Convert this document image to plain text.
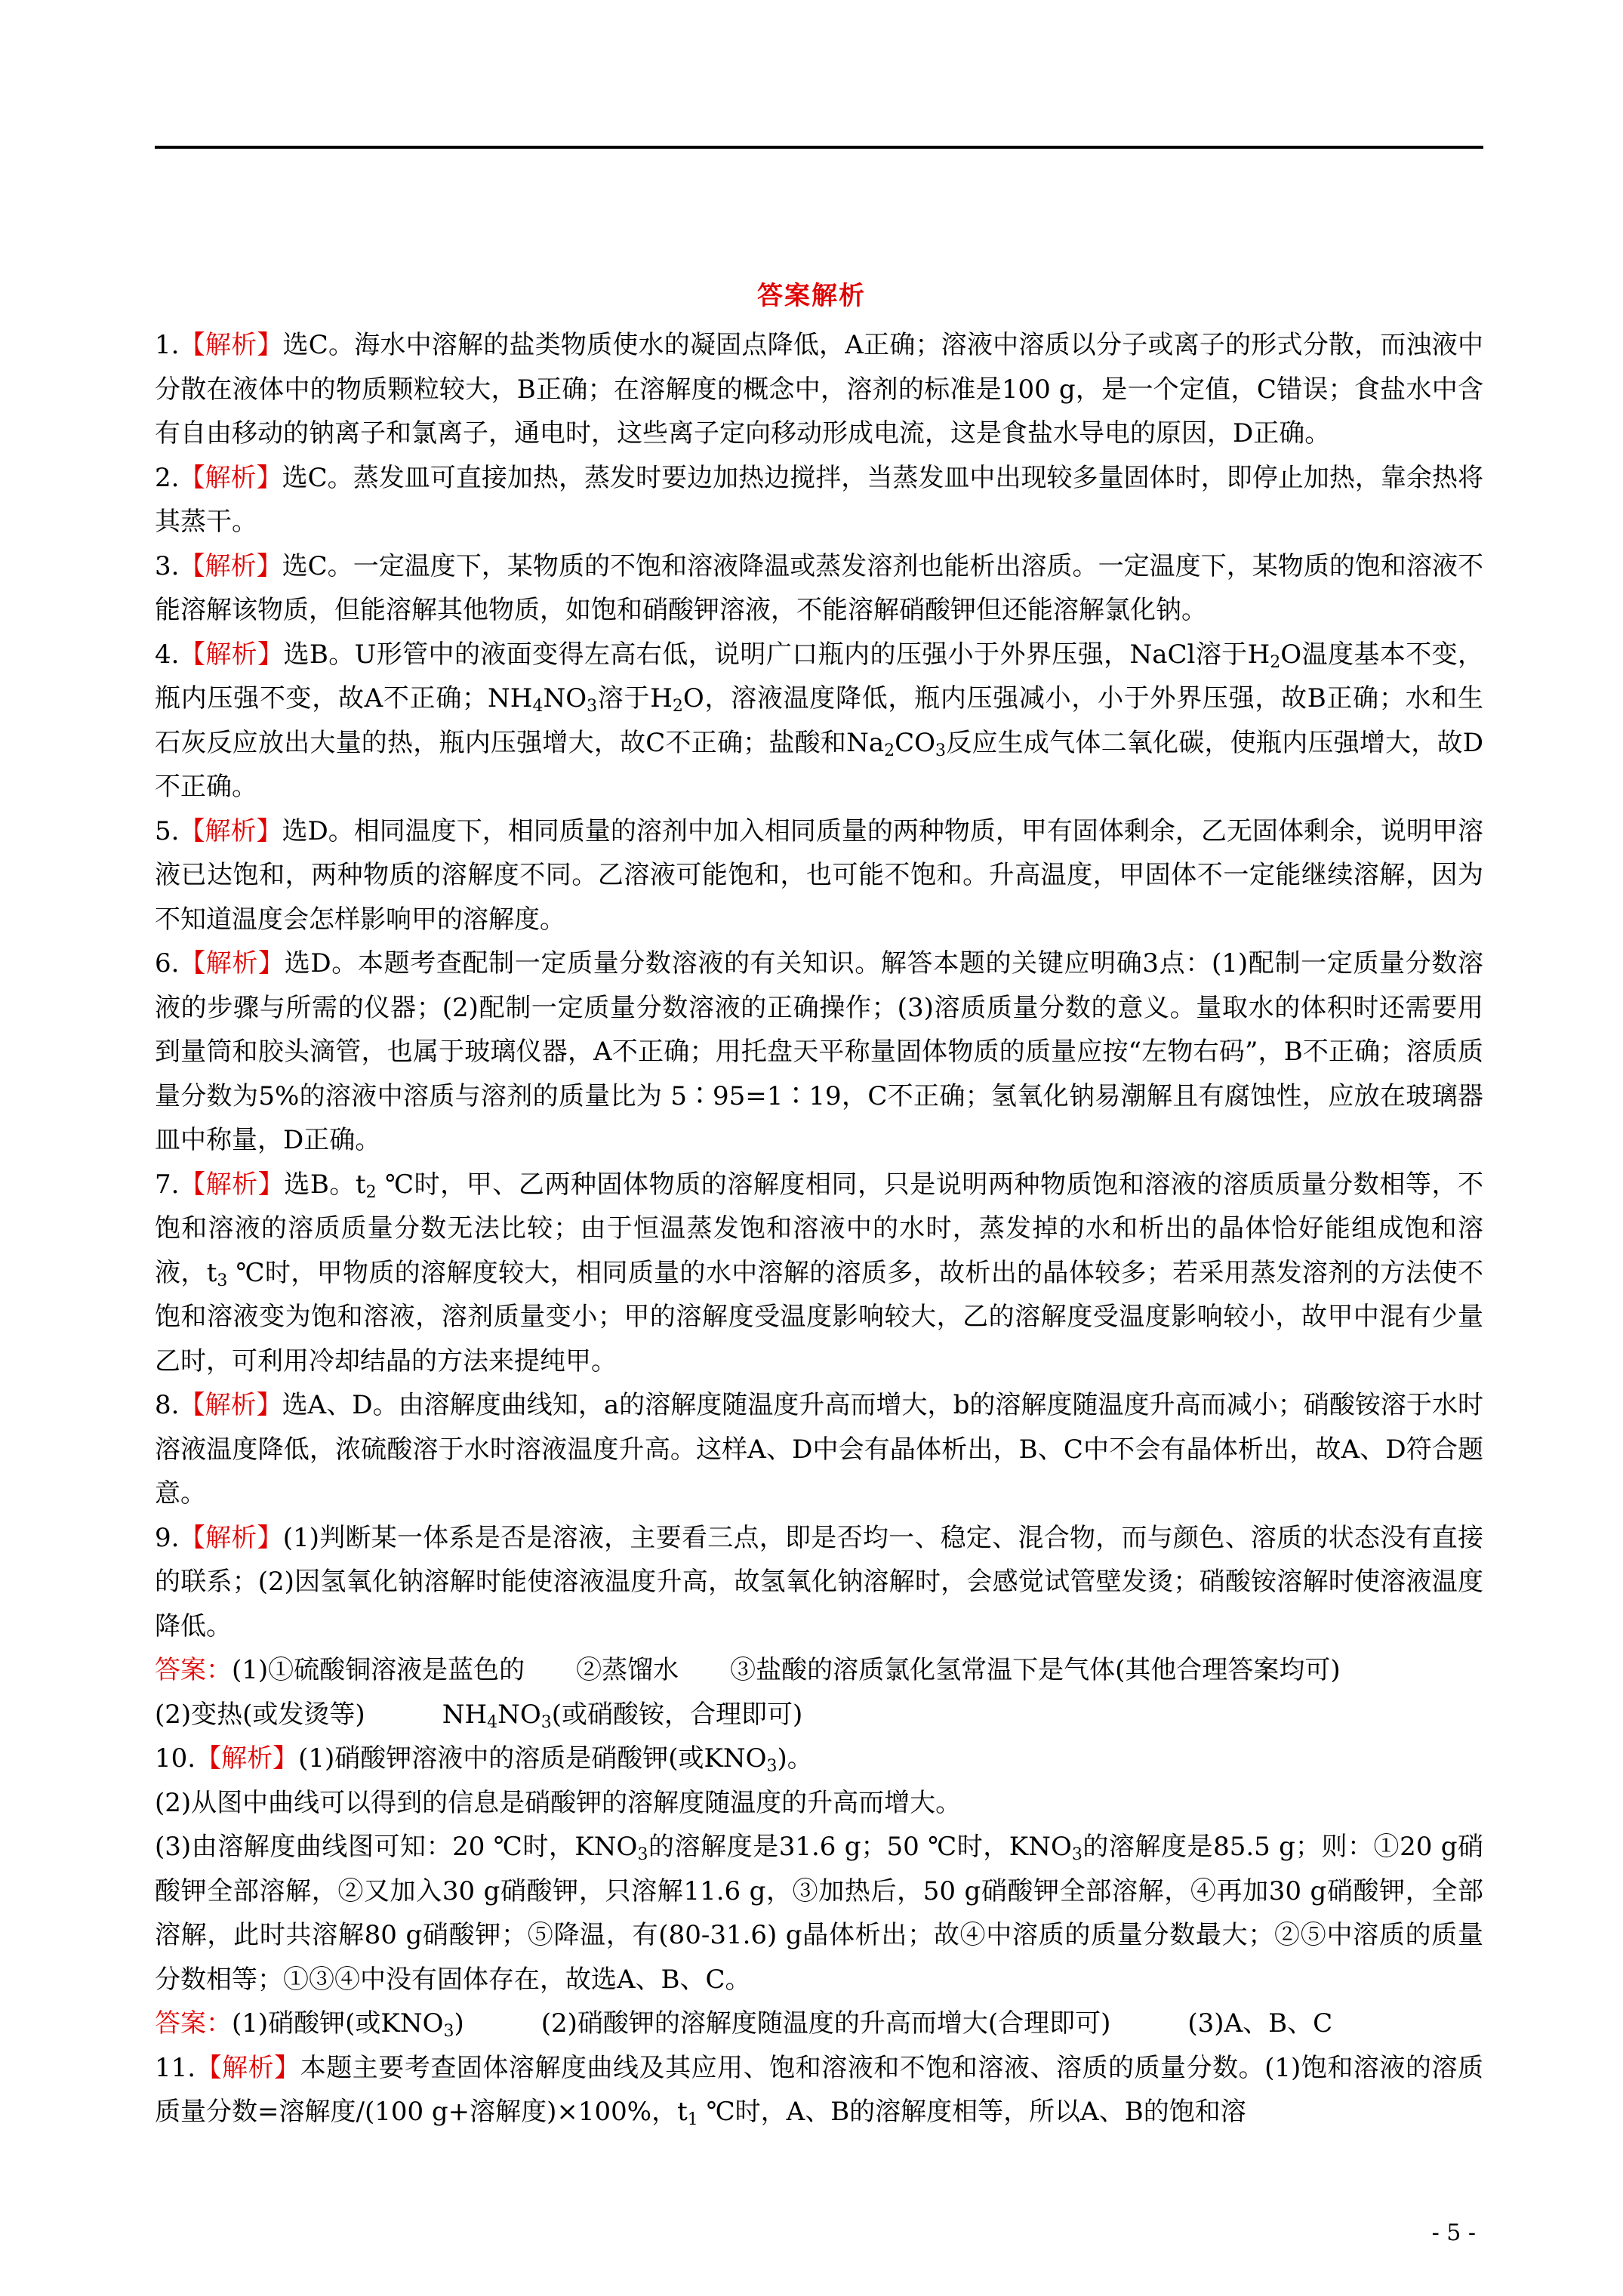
答案解析

1.【解析】选C。海水中溶解的盐类物质使水的凝固点降低，A正确；溶液中溶质以分子或离子的形式分散，而浊液中分散在液体中的物质颗粒较大，B正确；在溶解度的概念中，溶剂的标准是100 g，是一个定值，C错误；食盐水中含有自由移动的钠离子和氯离子，通电时，这些离子定向移动形成电流，这是食盐水导电的原因，D正确。

2.【解析】选C。蒸发皿可直接加热，蒸发时要边加热边搅拌，当蒸发皿中出现较多量固体时，即停止加热，靠余热将其蒸干。

3.【解析】选C。一定温度下，某物质的不饱和溶液降温或蒸发溶剂也能析出溶质。一定温度下，某物质的饱和溶液不能溶解该物质，但能溶解其他物质，如饱和硝酸钾溶液，不能溶解硝酸钾但还能溶解氯化钠。

4.【解析】选B。U形管中的液面变得左高右低，说明广口瓶内的压强小于外界压强，NaCl溶于$H_2O$温度基本不变，瓶内压强不变，故A不正确；$NH_4NO_3$溶于$H_2O$，溶液温度降低，瓶内压强减小，小于外界压强，故B正确；水和生石灰反应放出大量的热，瓶内压强增大，故C不正确；盐酸和$Na_2CO_3$反应生成气体二氧化碳，使瓶内压强增大，故D不正确。

5.【解析】选D。相同温度下，相同质量的溶剂中加入相同质量的两种物质，甲有固体剩余，乙无固体剩余，说明甲溶液已达饱和，两种物质的溶解度不同。乙溶液可能饱和，也可能不饱和。升高温度，甲固体不一定能继续溶解，因为不知道温度会怎样影响甲的溶解度。

6.【解析】选D。本题考查配制一定质量分数溶液的有关知识。解答本题的关键应明确3点：(1)配制一定质量分数溶液的步骤与所需的仪器；(2)配制一定质量分数溶液的正确操作；(3)溶质质量分数的意义。量取水的体积时还需要用到量筒和胶头滴管，也属于玻璃仪器，A不正确；用托盘天平称量固体物质的质量应按“左物右码”，B不正确；溶质质量分数为5%的溶液中溶质与溶剂的质量比为 5∶95=1∶19，C不正确；氢氧化钠易潮解且有腐蚀性，应放在玻璃器皿中称量，D正确。

7.【解析】选B。$t_2$ ℃时，甲、乙两种固体物质的溶解度相同，只是说明两种物质饱和溶液的溶质质量分数相等，不饱和溶液的溶质质量分数无法比较；由于恒温蒸发饱和溶液中的水时，蒸发掉的水和析出的晶体恰好能组成饱和溶液，$t_3$ ℃时，甲物质的溶解度较大，相同质量的水中溶解的溶质多，故析出的晶体较多；若采用蒸发溶剂的方法使不饱和溶液变为饱和溶液，溶剂质量变小；甲的溶解度受温度影响较大，乙的溶解度受温度影响较小，故甲中混有少量乙时，可利用冷却结晶的方法来提纯甲。

8.【解析】选A、D。由溶解度曲线知，a的溶解度随温度升高而增大，b的溶解度随温度升高而减小；硝酸铵溶于水时溶液温度降低，浓硫酸溶于水时溶液温度升高。这样A、D中会有晶体析出，B、C中不会有晶体析出，故A、D符合题意。

9.【解析】(1)判断某一体系是否是溶液，主要看三点，即是否均一、稳定、混合物，而与颜色、溶质的状态没有直接的联系；(2)因氢氧化钠溶解时能使溶液温度升高，故氢氧化钠溶解时，会感觉试管壁发烫；硝酸铵溶解时使溶液温度降低。

答案：(1)①硫酸铜溶液是蓝色的　　②蒸馏水　　③盐酸的溶质氯化氢常温下是气体(其他合理答案均可)

(2)变热(或发烫等)　　　$NH_4NO_3$(或硝酸铵，合理即可)

10.【解析】(1)硝酸钾溶液中的溶质是硝酸钾(或$KNO_3$)。

(2)从图中曲线可以得到的信息是硝酸钾的溶解度随温度的升高而增大。

(3)由溶解度曲线图可知：20 ℃时，$KNO_3$的溶解度是31.6 g；50 ℃时，$KNO_3$的溶解度是85.5 g；则：①20 g硝酸钾全部溶解，②又加入30 g硝酸钾，只溶解11.6 g，③加热后，50 g硝酸钾全部溶解，④再加30 g硝酸钾，全部溶解，此时共溶解80 g硝酸钾；⑤降温，有(80-31.6) g晶体析出；故④中溶质的质量分数最大；②⑤中溶质的质量分数相等；①③④中没有固体存在，故选A、B、C。

答案：(1)硝酸钾(或$KNO_3$)　　　(2)硝酸钾的溶解度随温度的升高而增大(合理即可)　　　(3)A、B、C

11.【解析】本题主要考查固体溶解度曲线及其应用、饱和溶液和不饱和溶液、溶质的质量分数。(1)饱和溶液的溶质质量分数=溶解度/(100 g+溶解度)×100%，$t_1$ ℃时，A、B的溶解度相等，所以A、B的饱和溶

- 5 -
